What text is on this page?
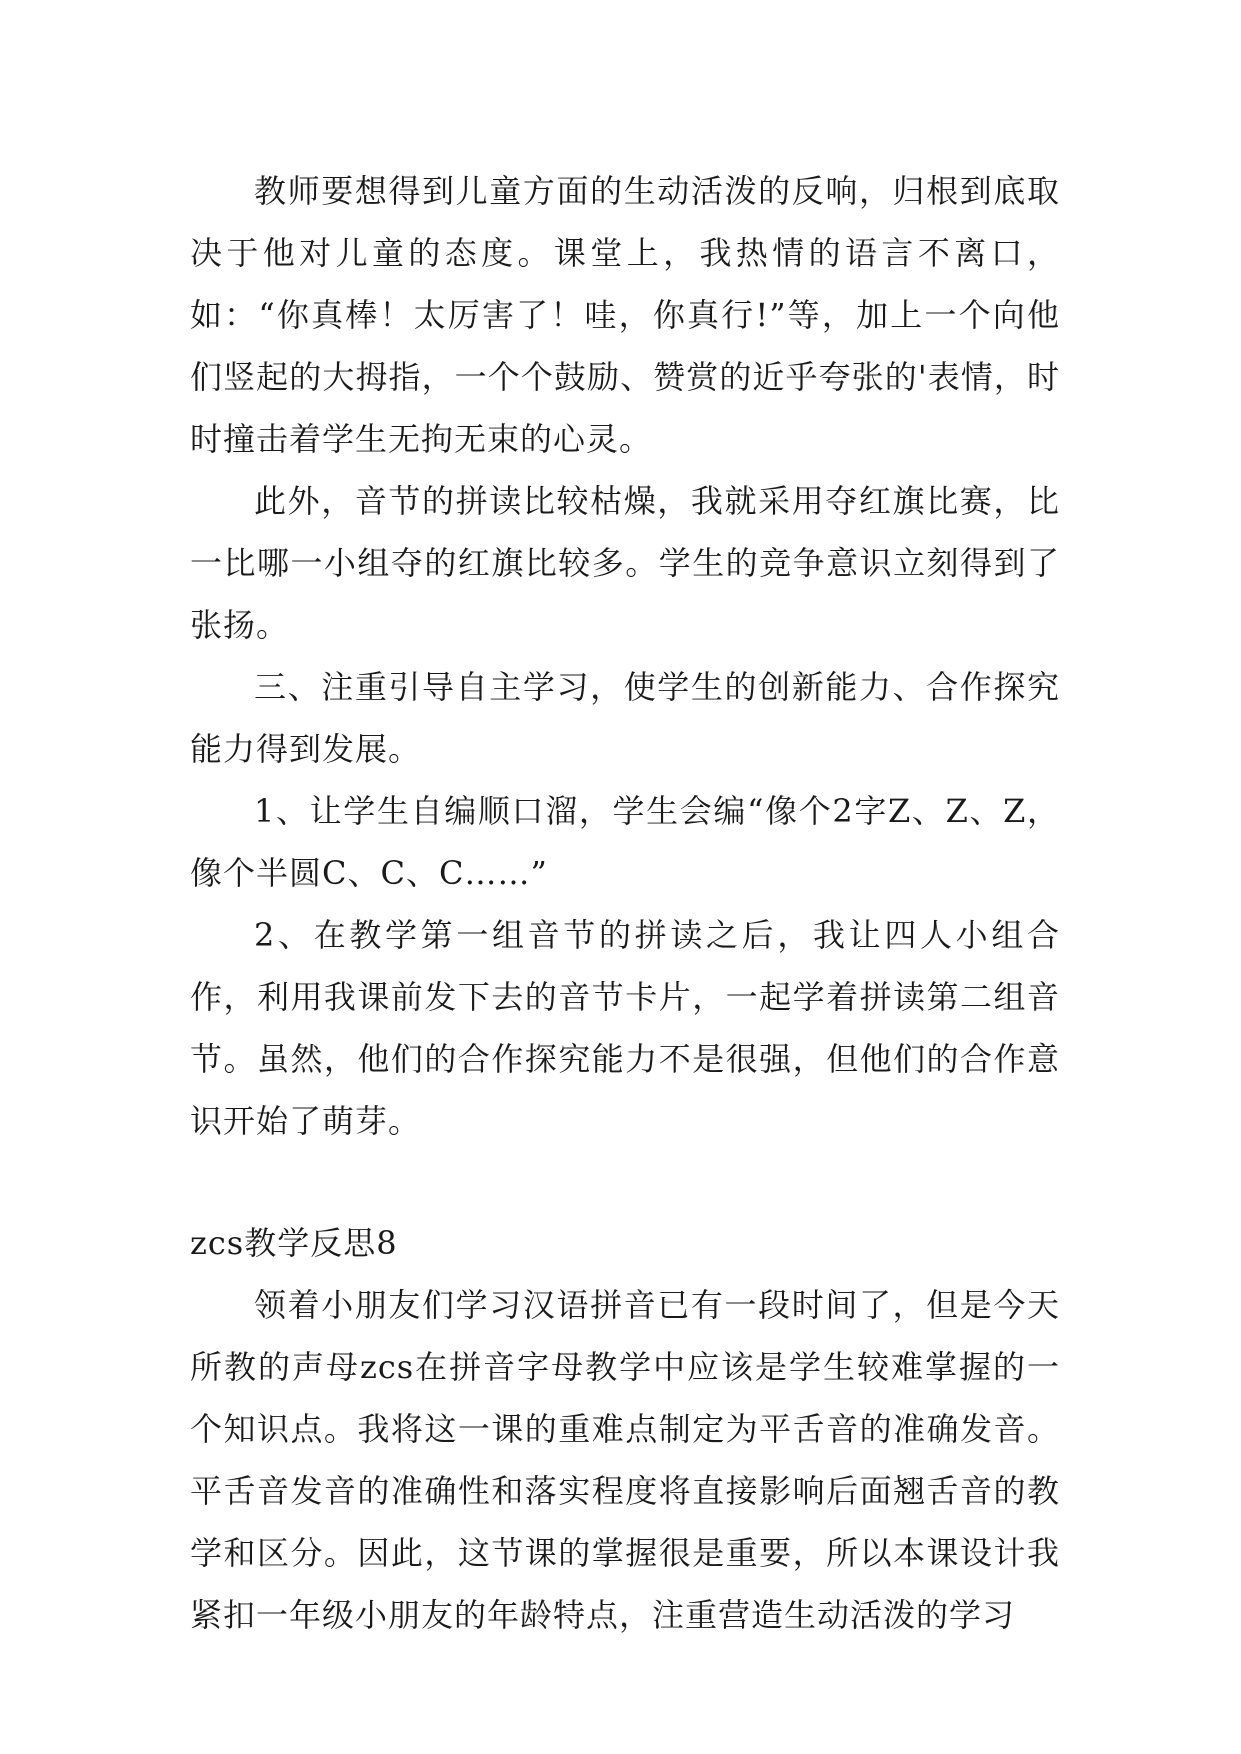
教师要想得到儿童方面的生动活泼的反响，归根到底取决于他对儿童的态度。课堂上，我热情的语言不离口，如：“你真棒！太厉害了！哇，你真行!”等，加上一个向他们竖起的大拇指，一个个鼓励、赞赏的近乎夸张的'表情，时时撞击着学生无拘无束的心灵。

此外，音节的拼读比较枯燥，我就采用夺红旗比赛，比一比哪一小组夺的红旗比较多。学生的竞争意识立刻得到了张扬。

三、注重引导自主学习，使学生的创新能力、合作探究能力得到发展。

1、让学生自编顺口溜，学生会编“像个2字Z、Z、Z，像个半圆C、C、C……”

2、在教学第一组音节的拼读之后，我让四人小组合作，利用我课前发下去的音节卡片，一起学着拼读第二组音节。虽然，他们的合作探究能力不是很强，但他们的合作意识开始了萌芽。

zcs教学反思8

领着小朋友们学习汉语拼音已有一段时间了，但是今天所教的声母zcs在拼音字母教学中应该是学生较难掌握的一个知识点。我将这一课的重难点制定为平舌音的准确发音。平舌音发音的准确性和落实程度将直接影响后面翘舌音的教学和区分。因此，这节课的掌握很是重要，所以本课设计我紧扣一年级小朋友的年龄特点，注重营造生动活泼的学习
